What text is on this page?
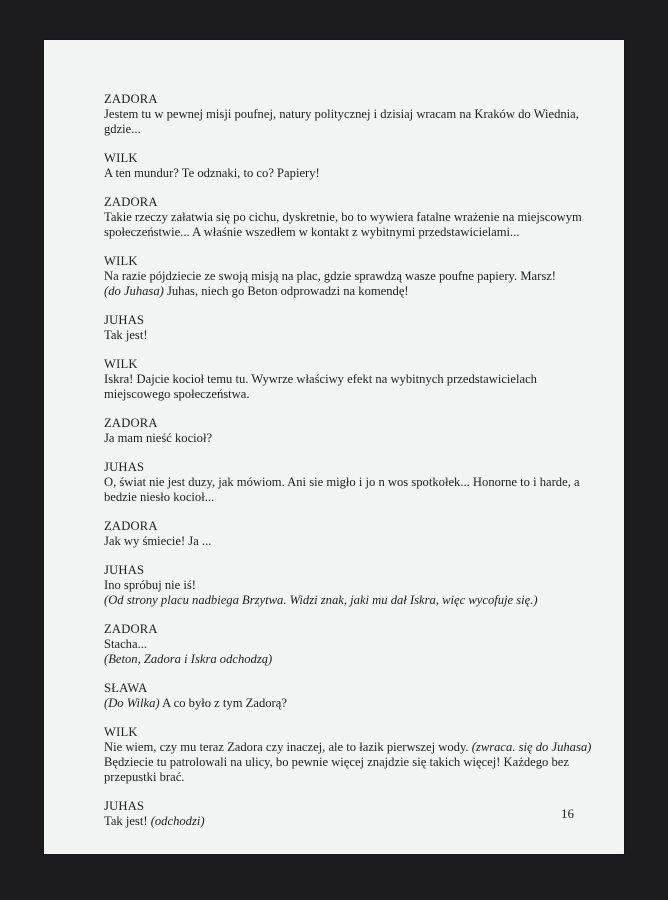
ZADORA
Jestem tu w pewnej misji poufnej, natury politycznej i dzisiaj wracam na Kraków do Wiednia, gdzie...
WILK
A ten mundur? Te odznaki, to co? Papiery!
ZADORA
Takie rzeczy załatwia się po cichu, dyskretnie, bo to wywiera fatalne wrażenie na miejscowym społeczeństwie... A właśnie wszedłem w kontakt z wybitnymi przedstawicielami...
WILK
Na razie pójdziecie ze swoją misją na plac, gdzie sprawdzą wasze poufne papiery. Marsz!
(do Juhasa) Juhas, niech go Beton odprowadzi na komendę!
JUHAS
Tak jest!
WILK
Iskra! Dajcie kocioł temu tu. Wywrze właściwy efekt na wybitnych przedstawicielach miejscowego społeczeństwa.
ZADORA
Ja mam nieść kocioł?
JUHAS
O, świat nie jest duzy, jak mówiom. Ani sie migło i jo n wos spotkołek... Honorne to i harde, a bedzie niesło kocioł...
ZADORA
Jak wy śmiecie! Ja ...
JUHAS
Ino spróbuj nie iś!
(Od strony placu nadbiega Brzytwa. Widzi znak, jaki mu dał Iskra, więc wycofuje się.)
ZADORA
Stacha...
(Beton, Zadora i Iskra odchodzą)
SŁAWA
(Do Wilka) A co było z tym Zadorą?
WILK
Nie wiem, czy mu teraz Zadora czy inaczej, ale to łazik pierwszej wody. (zwraca. się do Juhasa) Będziecie tu patrolowali na ulicy, bo pewnie więcej znajdzie się takich więcej! Każdego bez przepustki brać.
JUHAS
Tak jest! (odchodzi)	16
